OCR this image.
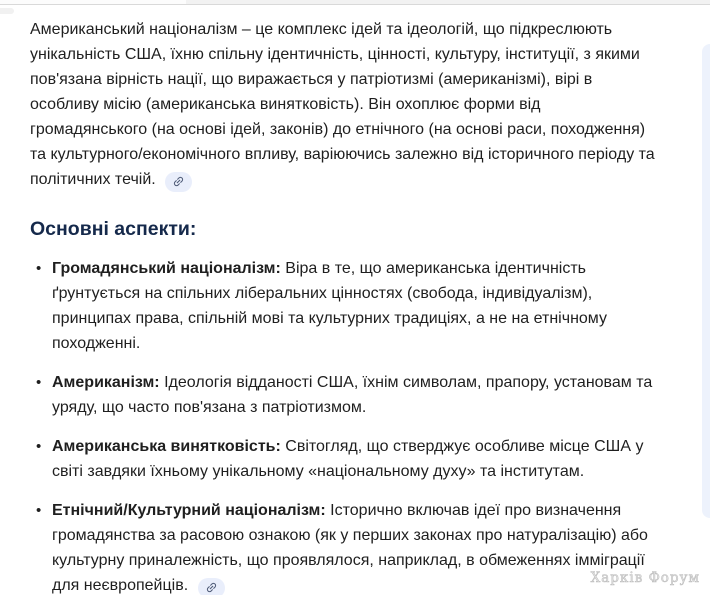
Американський націоналізм – це комплекс ідей та ідеологій, що підкреслюють унікальність США, їхню спільну ідентичність, цінності, культуру, інституції, з якими пов'язана вірність нації, що виражається у патріотизмі (американізмі), вірі в особливу місію (американська винятковість). Він охоплює форми від громадянського (на основі ідей, законів) до етнічного (на основі раси, походження) та культурного/економічного впливу, варіюючись залежно від історичного періоду та політичних течій.

Основні аспекти:
• Громадянський націоналізм: Віра в те, що американська ідентичність ґрунтується на спільних ліберальних цінностях (свобода, індивідуалізм), принципах права, спільній мові та культурних традиціях, а не на етнічному походженні.
• Американізм: Ідеологія відданості США, їхнім символам, прапору, установам та уряду, що часто пов'язана з патріотизмом.
• Американська винятковість: Світогляд, що стверджує особливе місце США у світі завдяки їхньому унікальному «національному духу» та інститутам.
• Етнічний/Культурний націоналізм: Історично включав ідеї про визначення громадянства за расовою ознакою (як у перших законах про натуралізацію) або культурну приналежність, що проявлялося, наприклад, в обмеженнях імміграції для неєвропейців.	Харків Форум
